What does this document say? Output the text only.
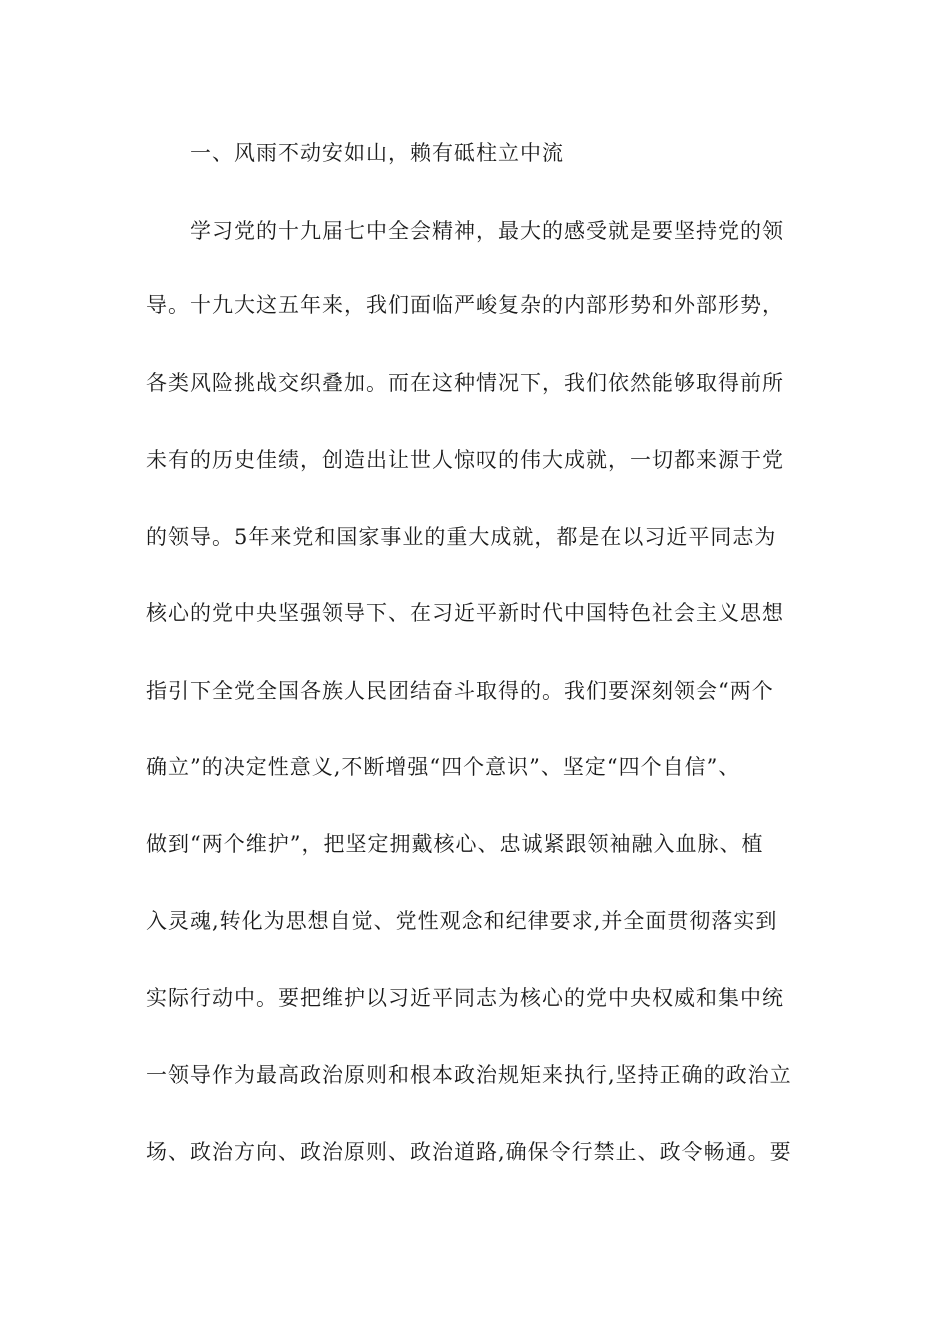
一、风雨不动安如山，赖有砥柱立中流
学习党的十九届七中全会精神，最大的感受就是要坚持党的领
导。十九大这五年来，我们面临严峻复杂的内部形势和外部形势，
各类风险挑战交织叠加。而在这种情况下，我们依然能够取得前所
未有的历史佳绩，创造出让世人惊叹的伟大成就，一切都来源于党
的领导。5年来党和国家事业的重大成就，都是在以习近平同志为
核心的党中央坚强领导下、在习近平新时代中国特色社会主义思想
指引下全党全国各族人民团结奋斗取得的。我们要深刻领会“两个
确立”的决定性意义,不断增强“四个意识”、坚定“四个自信”、
做到“两个维护”，把坚定拥戴核心、忠诚紧跟领袖融入血脉、植
入灵魂,转化为思想自觉、党性观念和纪律要求,并全面贯彻落实到
实际行动中。要把维护以习近平同志为核心的党中央权威和集中统
一领导作为最高政治原则和根本政治规矩来执行,坚持正确的政治立
场、政治方向、政治原则、政治道路,确保令行禁止、政令畅通。要
